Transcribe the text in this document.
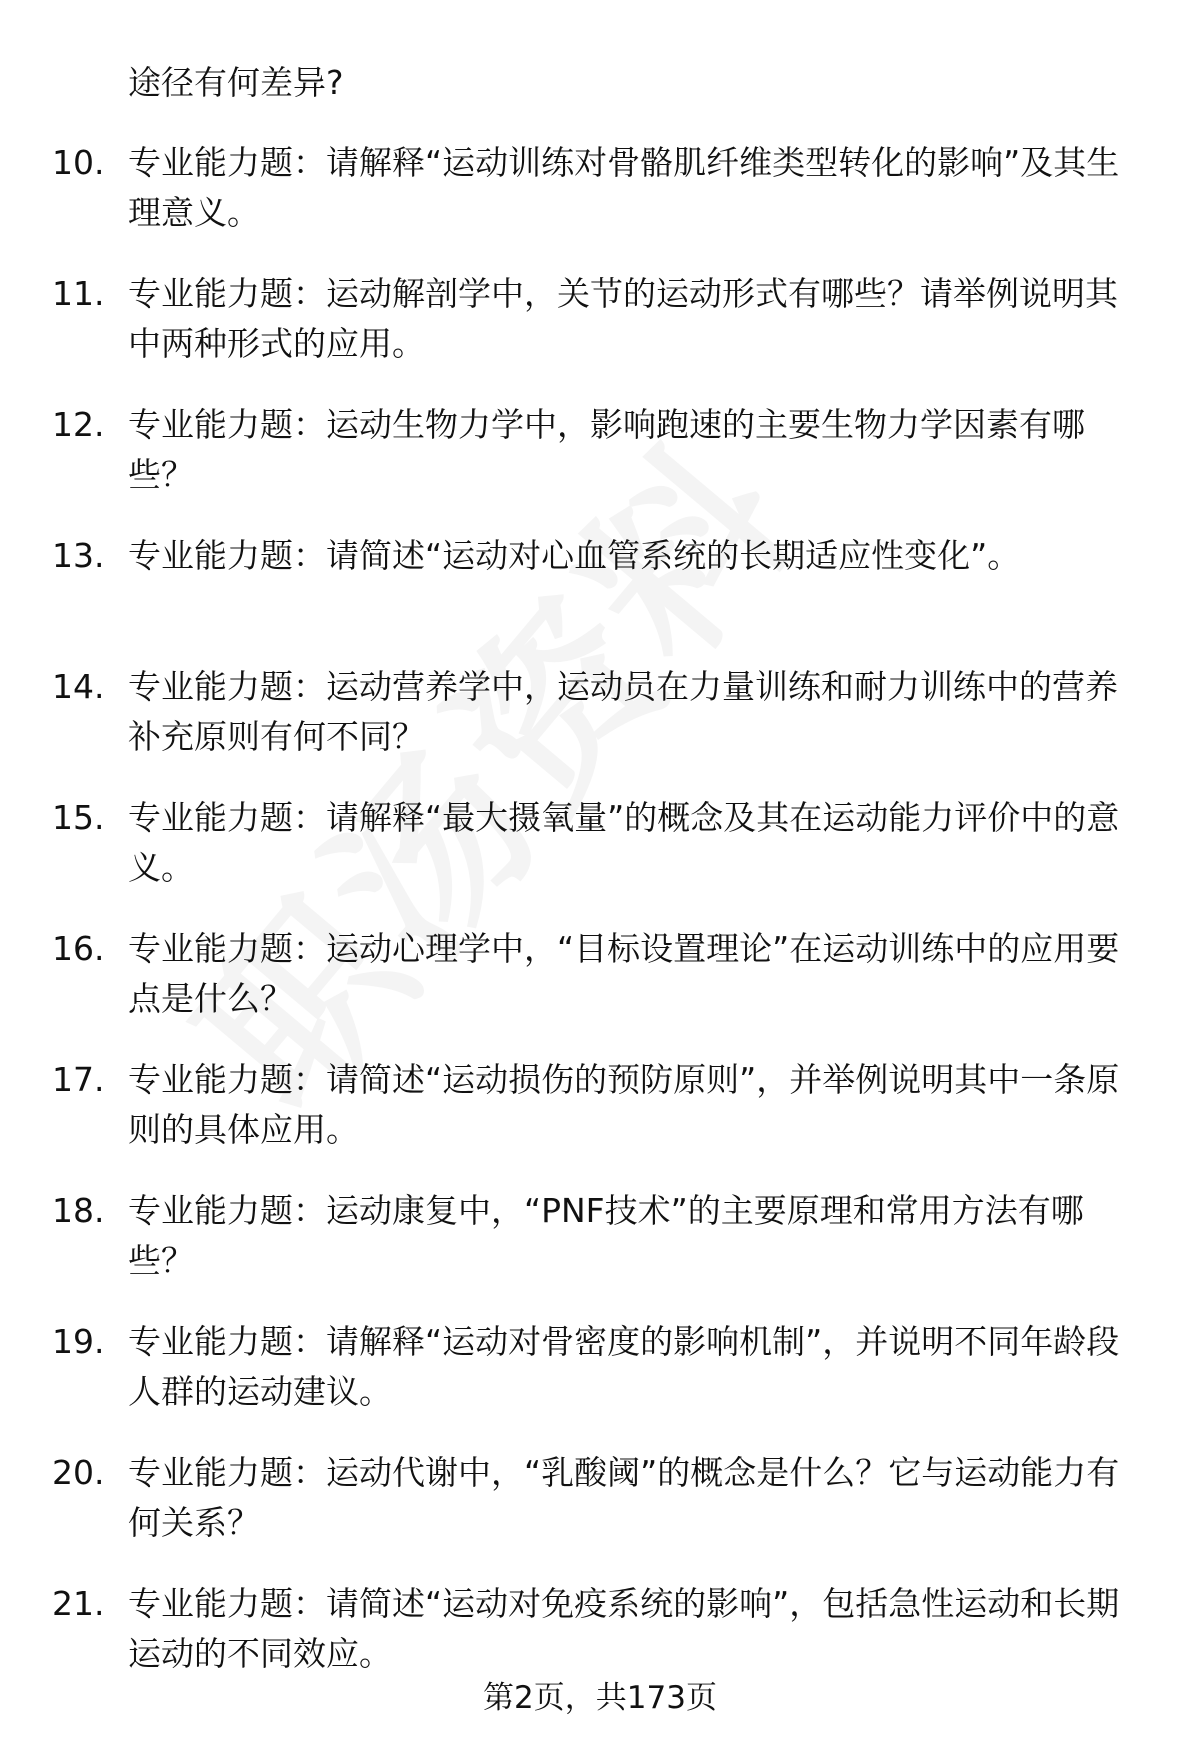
途径有何差异?
10. 专业能力题：请解释“运动训练对骨骼肌纤维类型转化的影响”及其生理意义。
11. 专业能力题：运动解剖学中，关节的运动形式有哪些？请举例说明其中两种形式的应用。
12. 专业能力题：运动生物力学中，影响跑速的主要生物力学因素有哪些？
13. 专业能力题：请简述“运动对心血管系统的长期适应性变化”。
14. 专业能力题：运动营养学中，运动员在力量训练和耐力训练中的营养补充原则有何不同？
15. 专业能力题：请解释“最大摄氧量”的概念及其在运动能力评价中的意义。
16. 专业能力题：运动心理学中，“目标设置理论”在运动训练中的应用要点是什么？
17. 专业能力题：请简述“运动损伤的预防原则”，并举例说明其中一条原则的具体应用。
18. 专业能力题：运动康复中，“PNF技术”的主要原理和常用方法有哪些？
19. 专业能力题：请解释“运动对骨密度的影响机制”，并说明不同年龄段人群的运动建议。
20. 专业能力题：运动代谢中，“乳酸阈”的概念是什么？它与运动能力有何关系？
21. 专业能力题：请简述“运动对免疫系统的影响”，包括急性运动和长期运动的不同效应。
第2页，共173页
